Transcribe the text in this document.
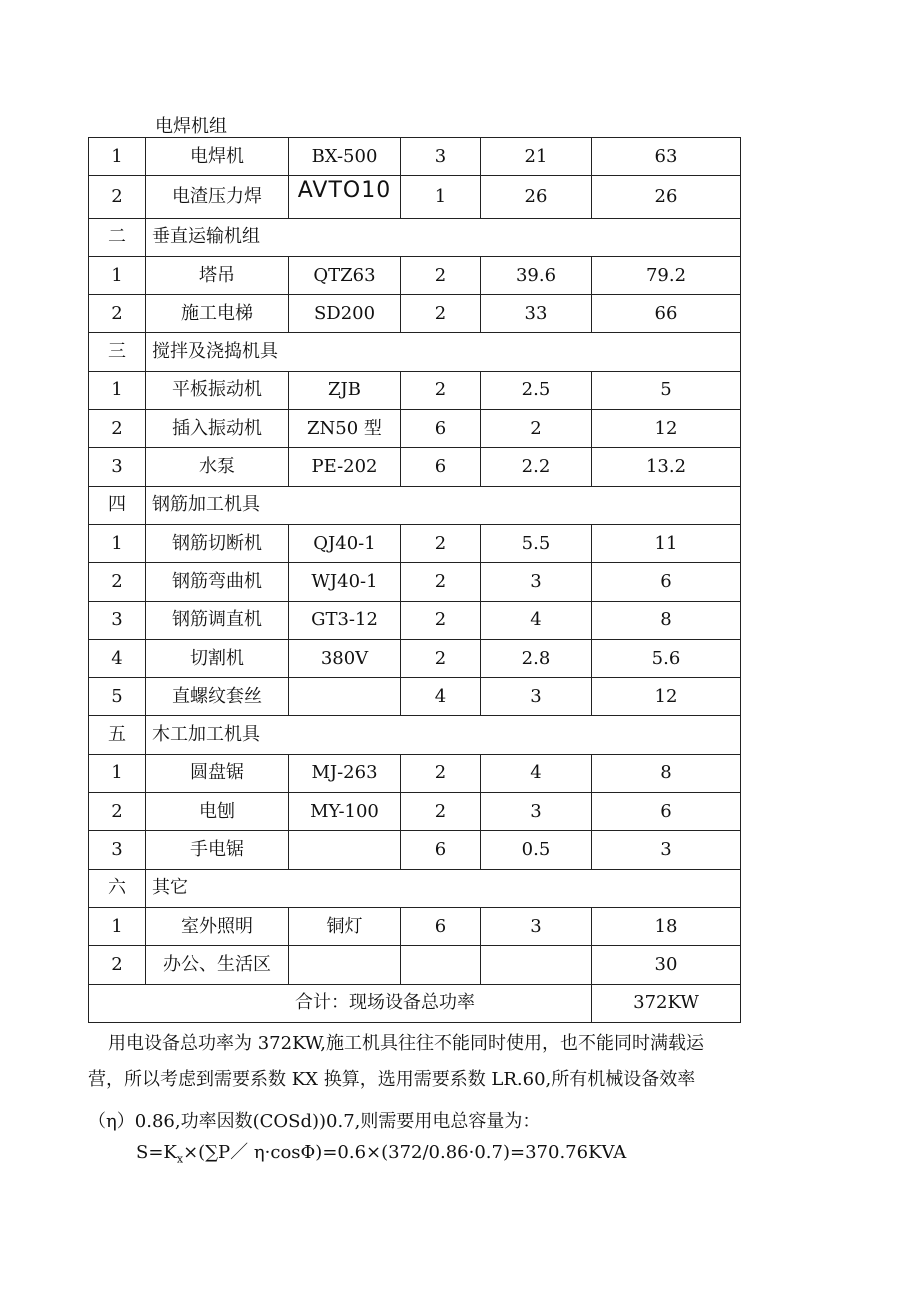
电焊机组
1	电焊机	BX-500	3	21	63
2	电渣压力焊	AVTO10	1	26	26
二	垂直运输机组				
1	塔吊	QTZ63	2	39.6	79.2
2	施工电梯	SD200	2	33	66
三	搅拌及浇捣机具				
1	平板振动机	ZJB	2	2.5	5
2	插入振动机	ZN50 型	6	2	12
3	水泵	PE-202	6	2.2	13.2
四	钢筋加工机具				
1	钢筋切断机	QJ40-1	2	5.5	11
2	钢筋弯曲机	WJ40-1	2	3	6
3	钢筋调直机	GT3-12	2	4	8
4	切割机	380V	2	2.8	5.6
5	直螺纹套丝		4	3	12
五	木工加工机具				
1	圆盘锯	MJ-263	2	4	8
2	电刨	MY-100	2	3	6
3	手电锯		6	0.5	3
六	其它				
1	室外照明	铜灯	6	3	18
2	办公、生活区				30
合计：现场设备总功率					372KW
用电设备总功率为 372KW,施工机具往往不能同时使用，也不能同时满载运
营，所以考虑到需要系数 KX 换算，选用需要系数 LR.60,所有机械设备效率
（η）0.86,功率因数(COSd))0.7,则需要用电总容量为：
$S=K_x\times(\sum P/$ η·cosΦ)=0.6×(372/0.86·0.7)=370.76KVA
